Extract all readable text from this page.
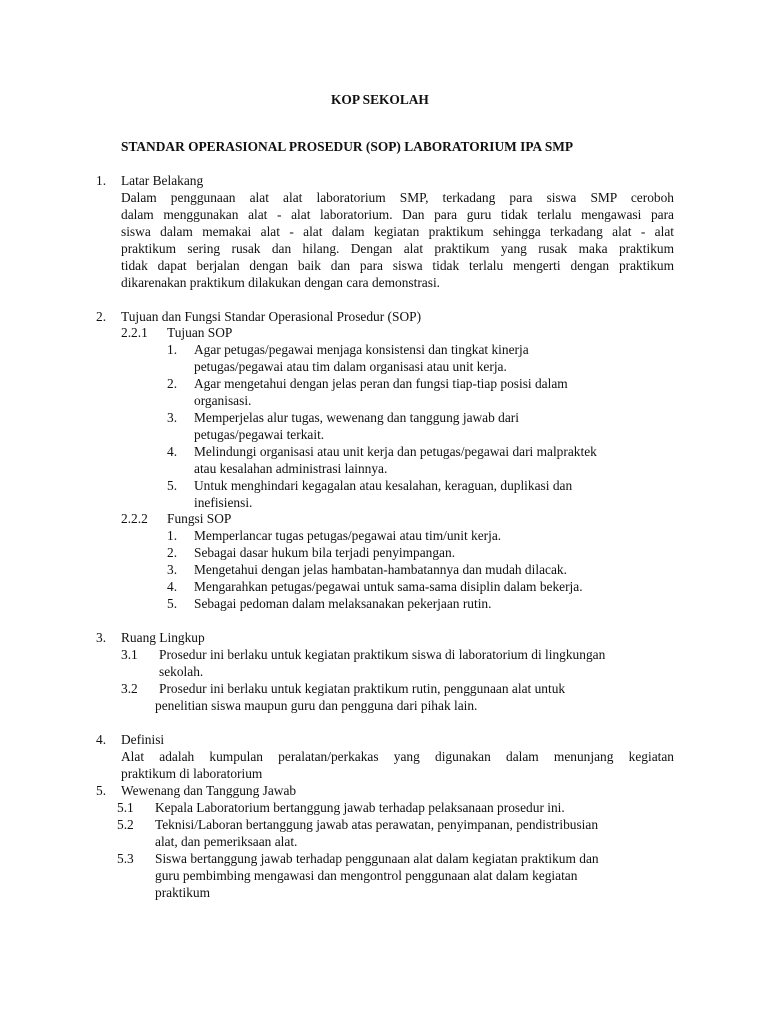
KOP SEKOLAH
STANDAR OPERASIONAL PROSEDUR (SOP) LABORATORIUM IPA SMP
1. Latar Belakang
Dalam penggunaan alat alat laboratorium SMP, terkadang para siswa SMP ceroboh
dalam menggunakan alat - alat laboratorium. Dan para guru tidak terlalu mengawasi para
siswa dalam memakai alat - alat dalam kegiatan praktikum sehingga terkadang alat - alat
praktikum sering rusak dan hilang. Dengan alat praktikum yang rusak maka praktikum
tidak dapat berjalan dengan baik dan para siswa tidak terlalu mengerti dengan praktikum
dikarenakan praktikum dilakukan dengan cara demonstrasi.
2. Tujuan dan Fungsi Standar Operasional Prosedur (SOP)
2.2.1 Tujuan SOP
1. Agar petugas/pegawai menjaga konsistensi dan tingkat kinerja
petugas/pegawai atau tim dalam organisasi atau unit kerja.
2. Agar mengetahui dengan jelas peran dan fungsi tiap-tiap posisi dalam
organisasi.
3. Memperjelas alur tugas, wewenang dan tanggung jawab dari
petugas/pegawai terkait.
4. Melindungi organisasi atau unit kerja dan petugas/pegawai dari malpraktek
atau kesalahan administrasi lainnya.
5. Untuk menghindari kegagalan atau kesalahan, keraguan, duplikasi dan
inefisiensi.
2.2.2 Fungsi SOP
1. Memperlancar tugas petugas/pegawai atau tim/unit kerja.
2. Sebagai dasar hukum bila terjadi penyimpangan.
3. Mengetahui dengan jelas hambatan-hambatannya dan mudah dilacak.
4. Mengarahkan petugas/pegawai untuk sama-sama disiplin dalam bekerja.
5. Sebagai pedoman dalam melaksanakan pekerjaan rutin.
3. Ruang Lingkup
3.1 Prosedur ini berlaku untuk kegiatan praktikum siswa di laboratorium di lingkungan
sekolah.
3.2 Prosedur ini berlaku untuk kegiatan praktikum rutin, penggunaan alat untuk
penelitian siswa maupun guru dan pengguna dari pihak lain.
4. Definisi
Alat adalah kumpulan peralatan/perkakas yang digunakan dalam menunjang kegiatan
praktikum di laboratorium
5. Wewenang dan Tanggung Jawab
5.1 Kepala Laboratorium bertanggung jawab terhadap pelaksanaan prosedur ini.
5.2 Teknisi/Laboran bertanggung jawab atas perawatan, penyimpanan, pendistribusian
alat, dan pemeriksaan alat.
5.3 Siswa bertanggung jawab terhadap penggunaan alat dalam kegiatan praktikum dan
guru pembimbing mengawasi dan mengontrol penggunaan alat dalam kegiatan
praktikum
